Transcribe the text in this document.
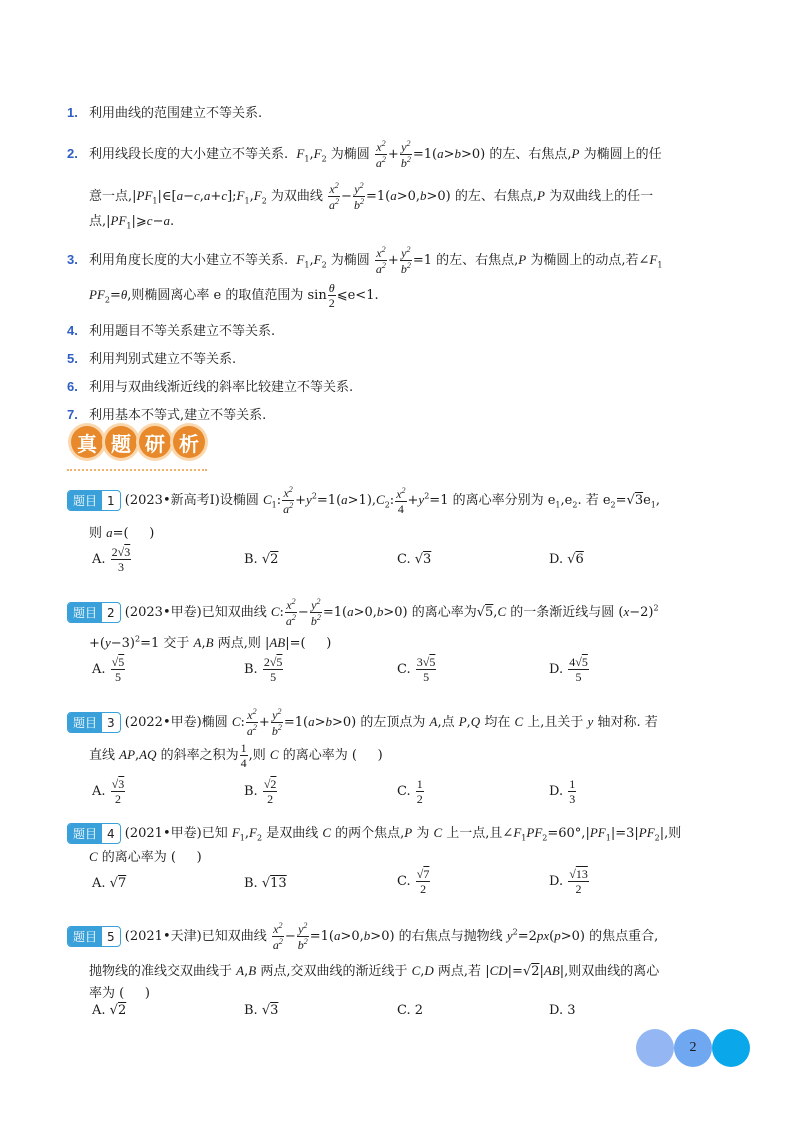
1. 利用曲线的范围建立不等关系.
2. 利用线段长度的大小建立不等关系. $F_1,F_2$ 为椭圆 $\frac{x^2}{a^2} + \frac{y^2}{b^2} =1(a>b>0)$ 的左、右焦点,P 为椭圆上的任
意一点$,|PF_1|\in[a-c,a+c];F_1,F_2$ 为双曲线 $\frac{x^2}{a^2} - \frac{y^2}{b^2} =1(a>0,b>0)$ 的左、右焦点,P 为双曲线上的任一
点$,|PF_1|⩾c-a$.
3. 利用角度长度的大小建立不等关系. $F_1,F_2$ 为椭圆 $\frac{x^2}{a^2} + \frac{y^2}{b^2} =1$ 的左、右焦点,P 为椭圆上的动点,若$\angle F_1$
$PF_2=\theta$,则椭圆离心率 e 的取值范围为 $\sin \frac{\theta}{2}$ ⩽e<1.
4. 利用题目不等关系建立不等关系.
5. 利用判别式建立不等关系.
6. 利用与双曲线渐近线的斜率比较建立不等关系.
7. 利用基本不等式,建立不等关系.
真 题 研 析
题目 1 (2023•新高考Ⅰ)设椭圆 $C_1$: $\frac{x^2}{a^2} +y^2=1(a>1),C_2$: $\frac{x^2}{4} +y^2=1$ 的离心率分别为 $e_1,e_2$. 若 $e_2=√3e_1$,
则 a=(     )
A. $\frac{2√3}{3}$	B. √2	C. √3	D. √6
题目 2 (2023•甲卷)已知双曲线 C: $\frac{x^2}{a^2} - \frac{y^2}{b^2} =1(a>0,b>0)$ 的离心率为√5,C 的一条渐近线与圆 $(x-2)^2$
$+(y-3)^2=1$ 交于 A,B 两点,则 |AB|=(     )
A. $\frac{√5}{5}$	B. $\frac{2√5}{5}$	C. $\frac{3√5}{5}$	D. $\frac{4√5}{5}$
题目 3 (2022•甲卷)椭圆 C: $\frac{x^2}{a^2} + \frac{y^2}{b^2} =1(a>b>0)$ 的左顶点为 A,点 P,Q 均在 C 上,且关于 y 轴对称. 若
直线 AP,AQ 的斜率之积为 $\frac{1}{4}$ ,则 C 的离心率为 (     )
A. $\frac{√3}{2}$	B. $\frac{√2}{2}$	C. $\frac{1}{2}$	D. $\frac{1}{3}$
题目 4 (2021•甲卷)已知 $F_1,F_2$ 是双曲线 C 的两个焦点,P 为 C 上一点,且$\angle F_1PF_2=60^\circ,|PF_1|=3|PF_2|$,则
C 的离心率为 (     )
A. √7	B. √13	C. $\frac{√7}{2}$	D. $\frac{√13}{2}$
题目 5 (2021•天津)已知双曲线 $\frac{x^2}{a^2} - \frac{y^2}{b^2} =1(a>0,b>0)$ 的右焦点与抛物线 $y^2=2px(p>0)$ 的焦点重合,
抛物线的准线交双曲线于 A,B 两点,交双曲线的渐近线于 C,D 两点,若 |CD|=√2|AB|,则双曲线的离心
率为 (     )
A. √2	B. √3	C. 2	D. 3
2
